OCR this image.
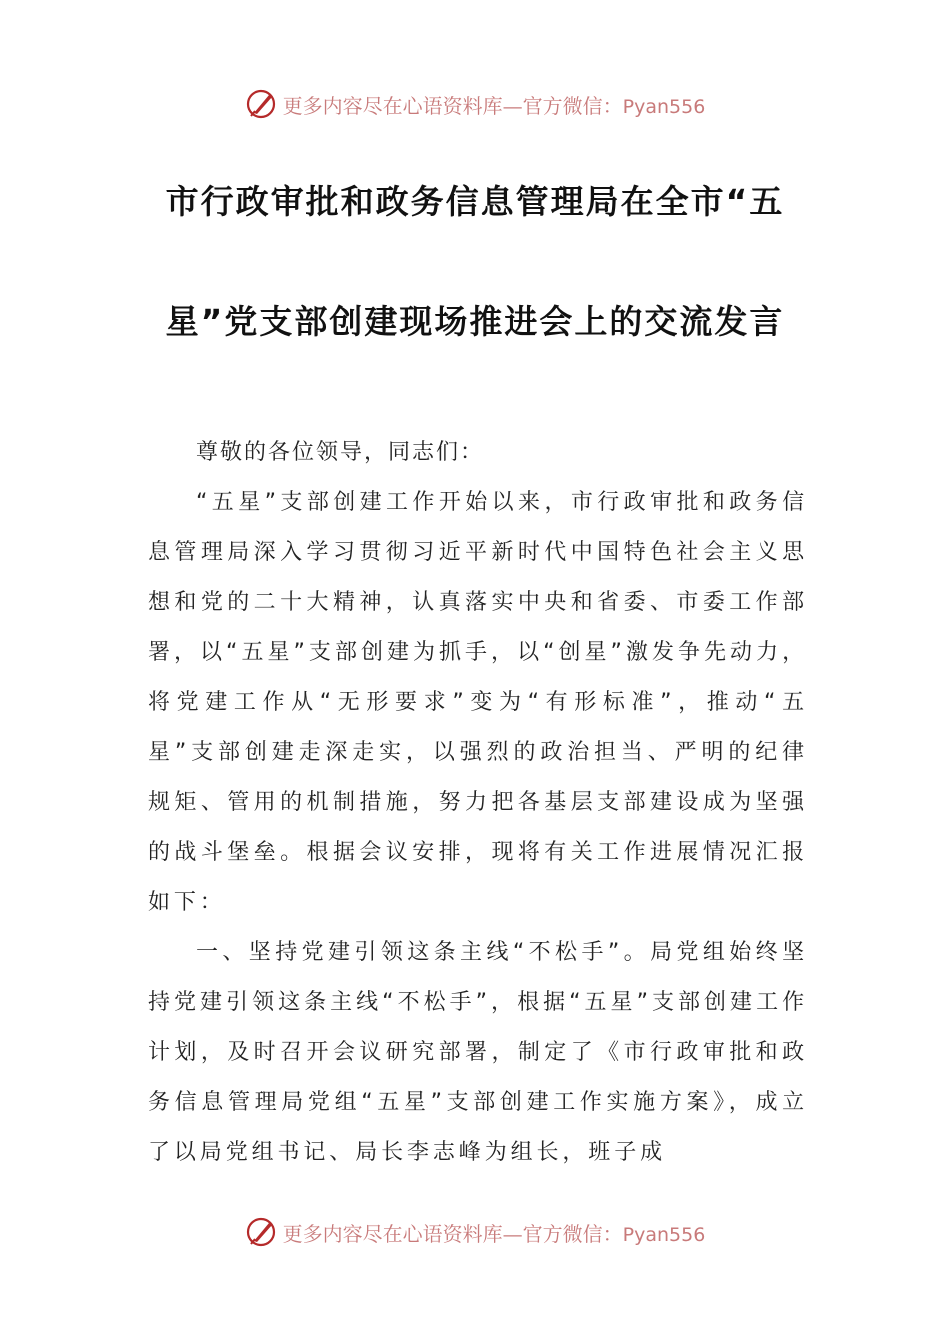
更多内容尽在心语资料库—官方微信：Pyan556
市行政审批和政务信息管理局在全市“五
星”党支部创建现场推进会上的交流发言

尊敬的各位领导，同志们：

“五星”支部创建工作开始以来，市行政审批和政务信息管理局深入学习贯彻习近平新时代中国特色社会主义思想和党的二十大精神，认真落实中央和省委、市委工作部署，以“五星”支部创建为抓手，以“创星”激发争先动力，将党建工作从“无形要求”变为“有形标准”，推动“五星”支部创建走深走实，以强烈的政治担当、严明的纪律规矩、管用的机制措施，努力把各基层支部建设成为坚强的战斗堡垒。根据会议安排，现将有关工作进展情况汇报如下：

一、坚持党建引领这条主线“不松手”。局党组始终坚持党建引领这条主线“不松手”，根据“五星”支部创建工作计划，及时召开会议研究部署，制定了《市行政审批和政务信息管理局党组“五星”支部创建工作实施方案》，成立了以局党组书记、局长李志峰为组长，班子成

更多内容尽在心语资料库—官方微信：Pyan556
